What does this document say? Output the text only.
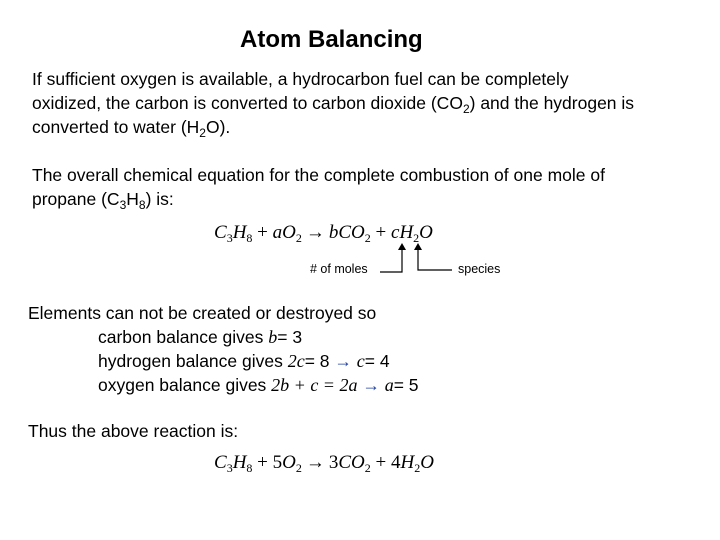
Atom Balancing
If sufficient oxygen is available, a hydrocarbon fuel can be completely
oxidized, the carbon is converted to carbon dioxide $(CO_2)$ and the hydrogen is
converted to water $(H_2O)$.
The overall chemical equation for the complete combustion of one mole of
propane $(C_3H_8)$ is:
$C_3H_8 + aO_2 \to bCO_2 + cH_2O$
# of moles	species
Elements can not be created or destroyed so
carbon balance gives b= 3
hydrogen balance gives 2c= 8 → c= 4
oxygen balance gives 2b + c = 2a → a= 5
Thus the above reaction is:
$C_3H_8 + 5O_2 \to 3CO_2 + 4H_2O$
